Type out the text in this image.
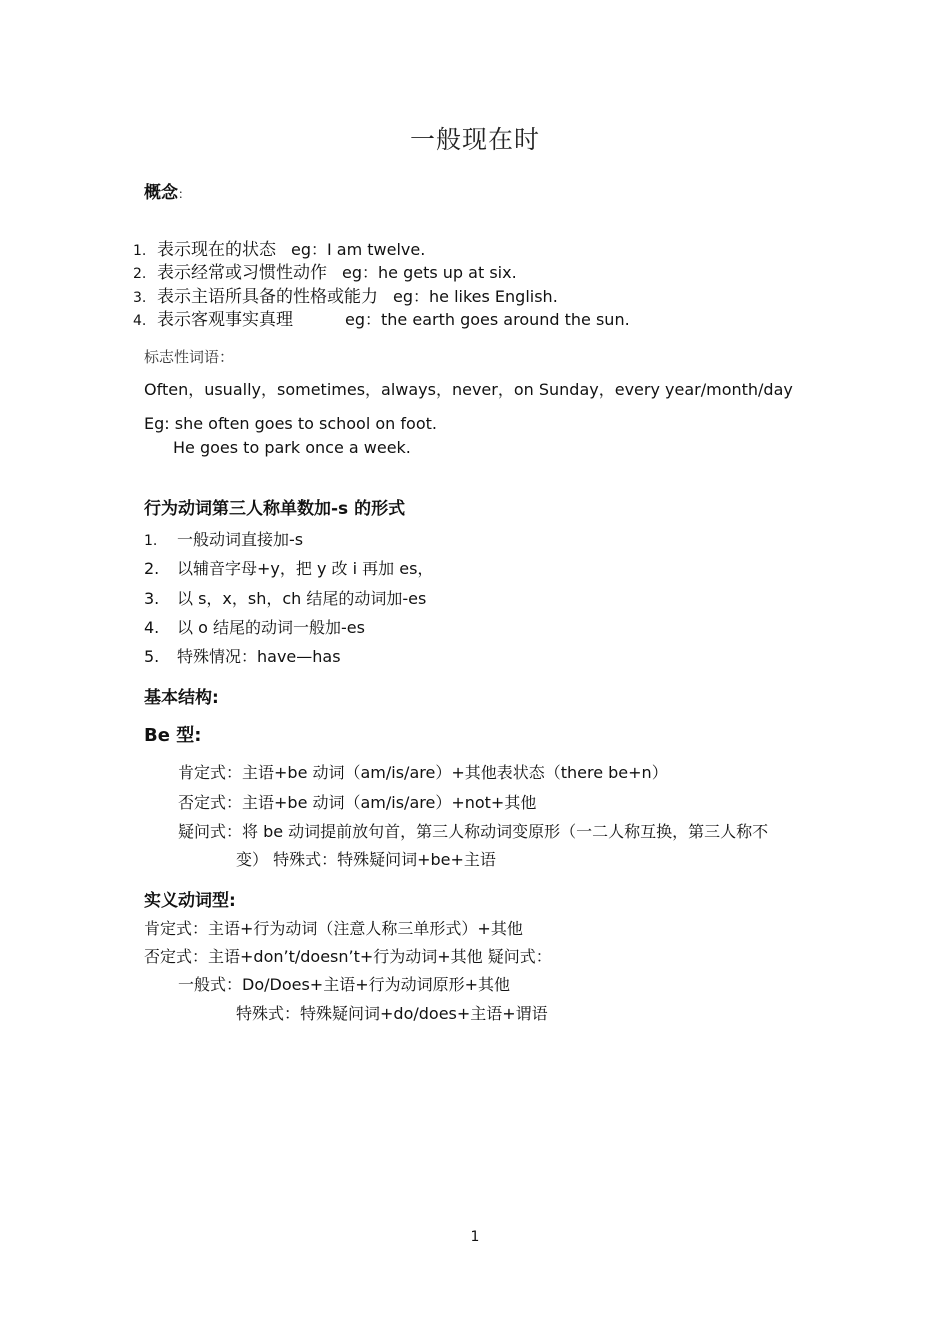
一般现在时
概念：
1. 表示现在的状态 eg：I am twelve.
2. 表示经常或习惯性动作 eg：he gets up at six.
3. 表示主语所具备的性格或能力 eg：he likes English.
4. 表示客观事实真理	eg：the earth goes around the sun.
标志性词语：
Often，usually，sometimes，always，never，on Sunday，every year/month/day
Eg: she often goes to school on foot.
He goes to park once a week.
行为动词第三人称单数加-s 的形式
1. 一般动词直接加-s
2. 以辅音字母+y，把 y 改 i 再加 es，
3. 以 s，x，sh，ch 结尾的动词加-es
4. 以 o 结尾的动词一般加-es
5. 特殊情况：have—has
基本结构:
Be 型:
肯定式：主语+be 动词（am/is/are）+其他表状态（there be+n）
否定式：主语+be 动词（am/is/are）+not+其他
疑问式：将 be 动词提前放句首，第三人称动词变原形（一二人称互换，第三人称不
变） 特殊式：特殊疑问词+be+主语
实义动词型:
肯定式：主语+行为动词（注意人称三单形式）+其他
否定式：主语+don’t/doesn’t+行为动词+其他 疑问式：
一般式：Do/Does+主语+行为动词原形+其他
特殊式：特殊疑问词+do/does+主语+谓语
1
